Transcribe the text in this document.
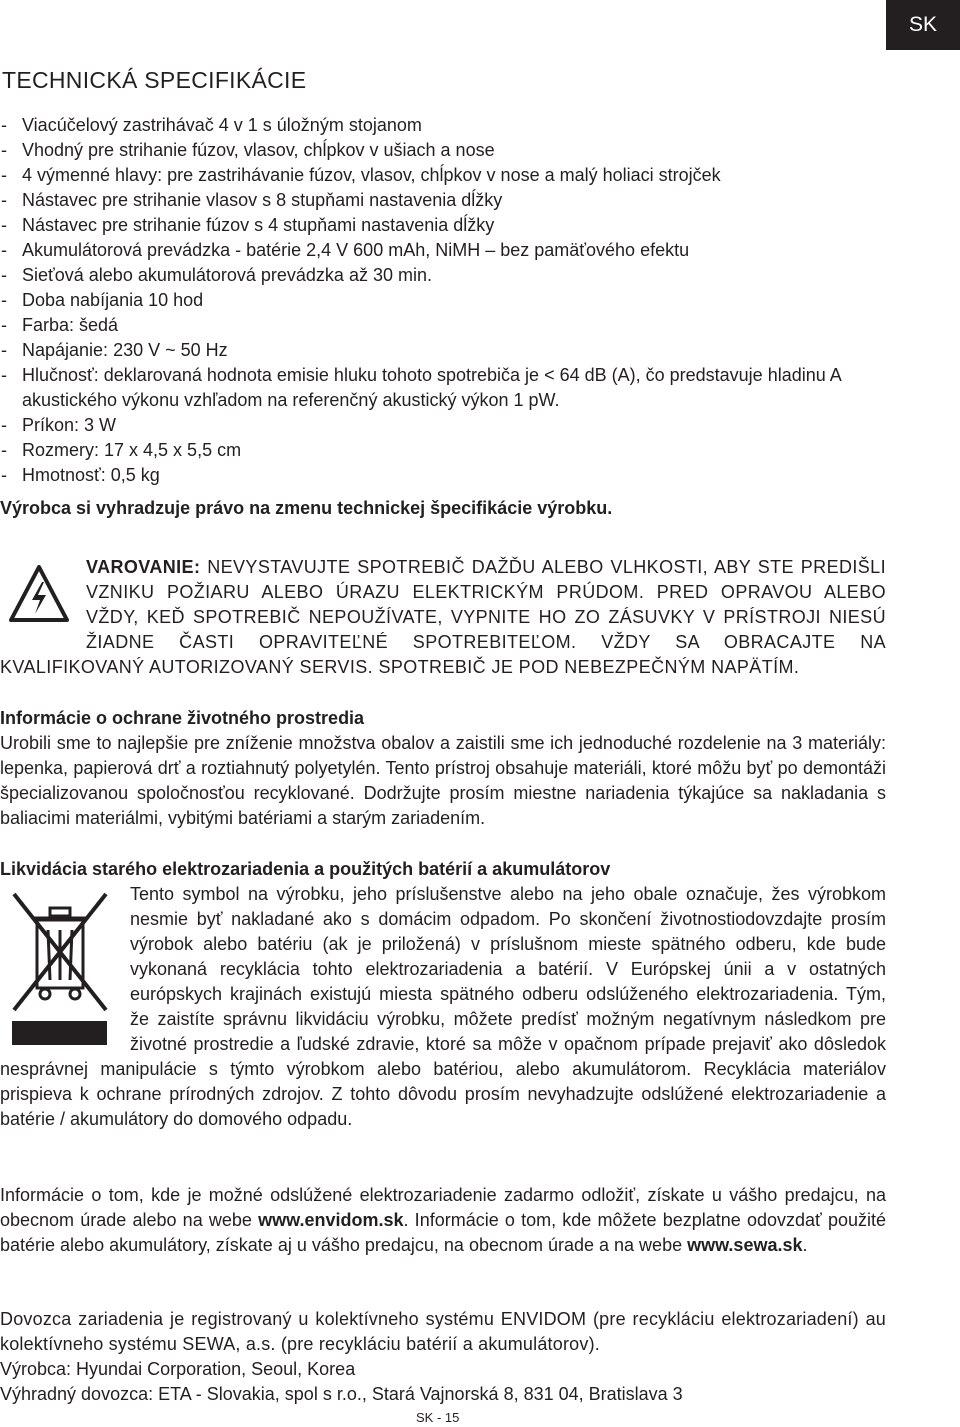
SK
TECHNICKÁ SPECIFIKÁCIE
- Viacúčelový zastrihávač 4 v 1 s úložným stojanom
- Vhodný pre strihanie fúzov, vlasov, chĺpkov v ušiach a nose
- 4 výmenné hlavy: pre zastrihávanie fúzov, vlasov, chĺpkov v nose a malý holiaci strojček
- Nástavec pre strihanie vlasov s 8 stupňami nastavenia dĺžky
- Nástavec pre strihanie fúzov s 4 stupňami nastavenia dĺžky
- Akumulátorová prevádzka - batérie 2,4 V 600 mAh, NiMH – bez pamäťového efektu
- Sieťová alebo akumulátorová prevádzka až 30 min.
- Doba nabíjania 10 hod
- Farba: šedá
- Napájanie: 230 V ~ 50 Hz
- Hlučnosť: deklarovaná hodnota emisie hluku tohoto spotrebiča je < 64 dB (A), čo predstavuje hladinu A akustického výkonu vzhľadom na referenčný akustický výkon 1 pW.
- Príkon: 3 W
- Rozmery: 17 x 4,5 x 5,5 cm
- Hmotnosť: 0,5 kg

Výrobca si vyhradzuje právo na zmenu technickej špecifikácie výrobku.

VAROVANIE: NEVYSTAVUJTE SPOTREBIČ DAŽĎU ALEBO VLHKOSTI, ABY STE PREDIŠLI VZNIKU POŽIARU ALEBO ÚRAZU ELEKTRICKÝM PRÚDOM. PRED OPRAVOU ALEBO VŽDY, KEĎ SPOTREBIČ NEPOUŽÍVATE, VYPNITE HO ZO ZÁSUVKY V PRÍSTROJI NIESÚ ŽIADNE ČASTI OPRAVITEĽNÉ SPOTREBITEĽOM. VŽDY SA OBRACAJTE NA KVALIFIKOVANÝ AUTORIZOVANÝ SERVIS. SPOTREBIČ JE POD NEBEZPEČNÝM NAPÄTÍM.

Informácie o ochrane životného prostredia

Urobili sme to najlepšie pre zníženie množstva obalov a zaistili sme ich jednoduché rozdelenie na 3 materiály: lepenka, papierová drť a roztiahnutý polyetylén. Tento prístroj obsahuje materiáli, ktoré môžu byť po demontáži špecializovanou spoločnosťou recyklované. Dodržujte prosím miestne nariadenia týkajúce sa nakladania s baliacimi materiálmi, vybitými batériami a starým zariadením.

Likvidácia starého elektrozariadenia a použitých batérií a akumulátorov

Tento symbol na výrobku, jeho príslušenstve alebo na jeho obale označuje, žes výrobkom nesmie byť nakladané ako s domácim odpadom. Po skončení životnostiodovzdajte prosím výrobok alebo batériu (ak je priložená) v príslušnom mieste spätného odberu, kde bude vykonaná recyklácia tohto elektrozariadenia a batérií. V Európskej únii a v ostatných európskych krajinách existujú miesta spätného odberu odslúženého elektrozariadenia. Tým, že zaistíte správnu likvidáciu výrobku, môžete predísť možným negatívnym následkom pre životné prostredie a ľudské zdravie, ktoré sa môže v opačnom prípade prejaviť ako dôsledok nesprávnej manipulácie s týmto výrobkom alebo batériou, alebo akumulátorom. Recyklácia materiálov prispieva k ochrane prírodných zdrojov. Z tohto dôvodu prosím nevyhadzujte odslúžené elektrozariadenie a batérie / akumulátory do domového odpadu.

Informácie o tom, kde je možné odslúžené elektrozariadenie zadarmo odložiť, získate u vášho predajcu, na obecnom úrade alebo na webe www.envidom.sk. Informácie o tom, kde môžete bezplatne odovzdať použité batérie alebo akumulátory, získate aj u vášho predajcu, na obecnom úrade a na webe www.sewa.sk.

Dovozca zariadenia je registrovaný u kolektívneho systému ENVIDOM (pre recykláciu elektrozariadení) au kolektívneho systému SEWA, a.s. (pre recykláciu batérií a akumulátorov).

Výrobca: Hyundai Corporation, Seoul, Korea

Výhradný dovozca: ETA - Slovakia, spol s r.o., Stará Vajnorská 8, 831 04, Bratislava 3

SK - 15
